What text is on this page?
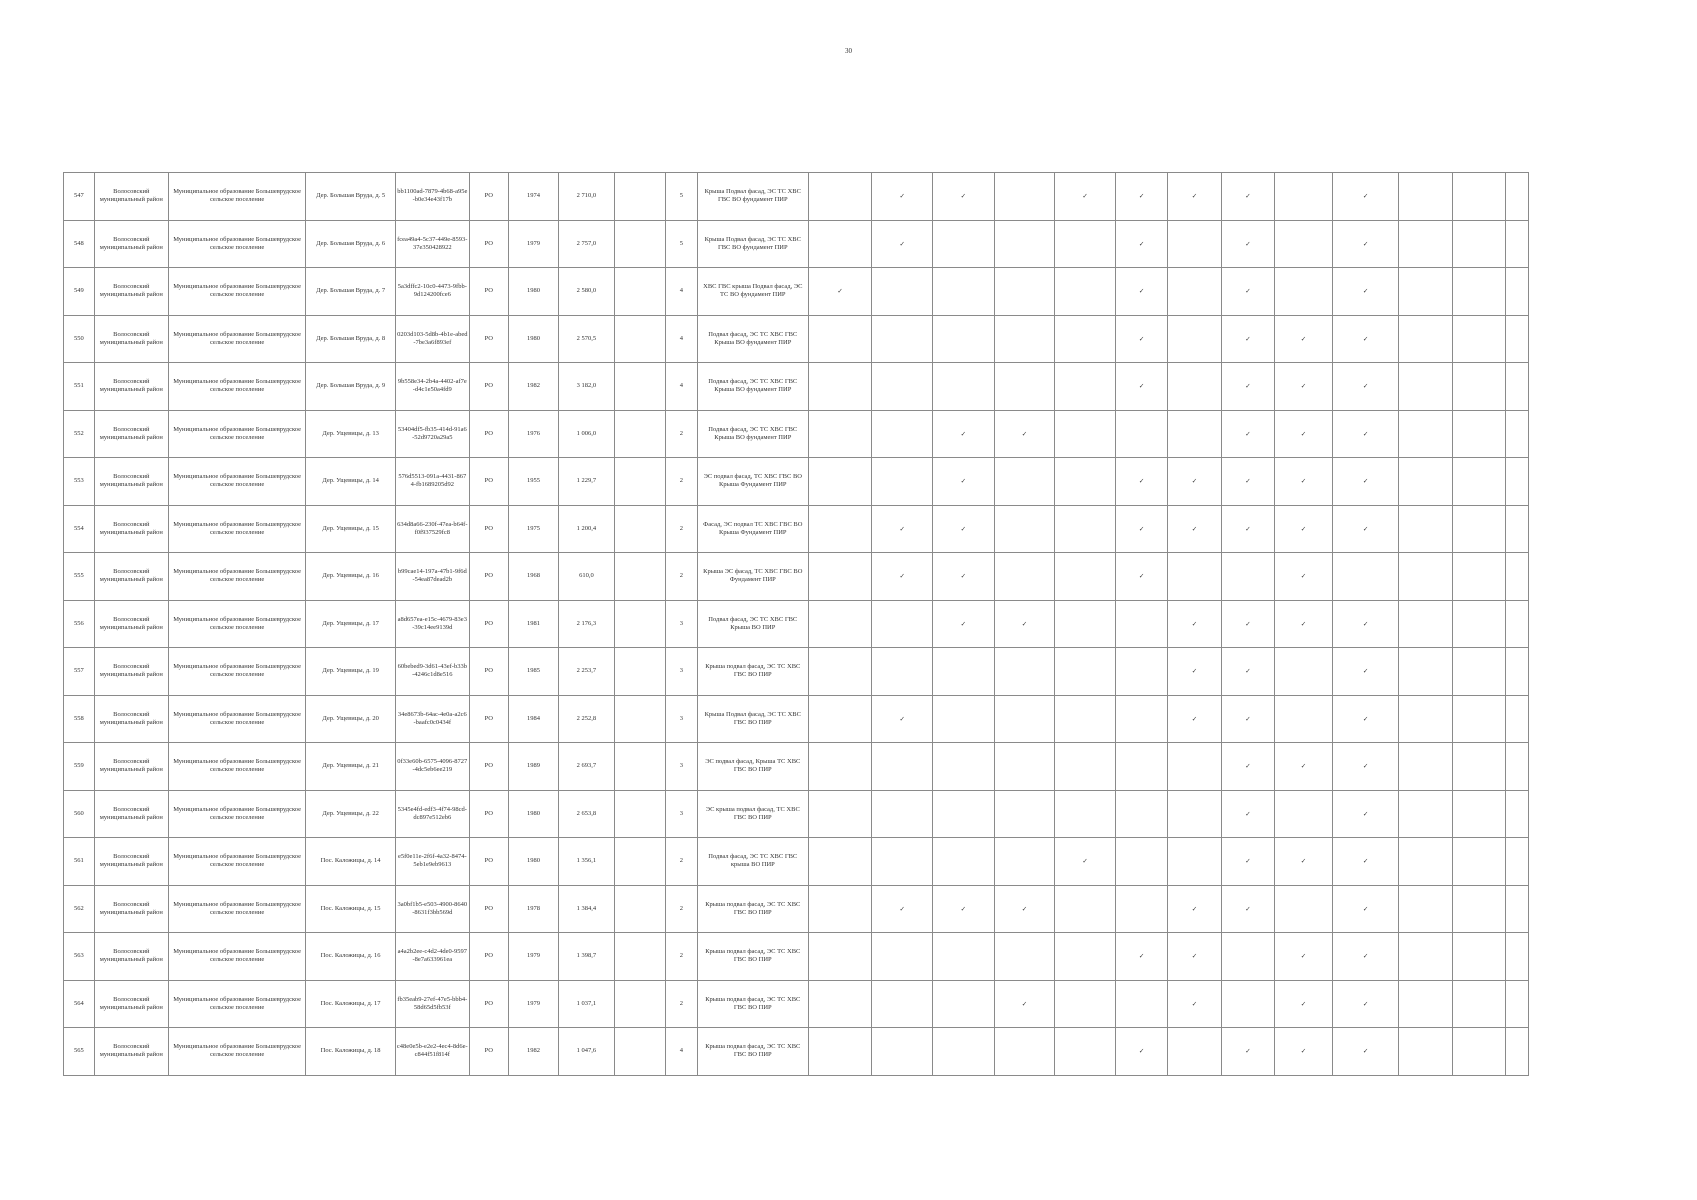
30
547	Волосовский муниципальный район	Муниципальное образование Большеврудское сельское поселение	Дер. Большая Вруда, д. 5	bb1100ad-7879-4b68-a95e-b0e34e43f17b	РО	1974	2 710,0		5	Крыша Подвал фасад, ЭС ТС ХВС ГВС ВО фундамент ПИР		✓	✓		✓	✓	✓	✓		✓			
548	Волосовский муниципальный район	Муниципальное образование Большеврудское сельское поселение	Дер. Большая Вруда, д. 6	fcea49a4-5c37-449e-8593-37e350428922	РО	1979	2 757,0		5	Крыша Подвал фасад, ЭС ТС ХВС ГВС ВО фундамент ПИР		✓				✓		✓		✓			
549	Волосовский муниципальный район	Муниципальное образование Большеврудское сельское поселение	Дер. Большая Вруда, д. 7	5a3dffc2-10c0-4473-9fbb-9d124200fce6	РО	1980	2 580,0		4	ХВС ГВС крыша Подвал фасад, ЭС ТС ВО фундамент ПИР	✓					✓		✓		✓			
550	Волосовский муниципальный район	Муниципальное образование Большеврудское сельское поселение	Дер. Большая Вруда, д. 8	0203d103-5d8b-4b1e-abed-7be3a6f893ef	РО	1980	2 570,5		4	Подвал фасад, ЭС ТС ХВС ГВС Крыша ВО фундамент ПИР						✓		✓	✓	✓			
551	Волосовский муниципальный район	Муниципальное образование Большеврудское сельское поселение	Дер. Большая Вруда, д. 9	9b558e34-2b4a-4402-af7e-d4c1e50a4fd9	РО	1982	3 182,0		4	Подвал фасад, ЭС ТС ХВС ГВС Крыша ВО фундамент ПИР						✓		✓	✓	✓			
552	Волосовский муниципальный район	Муниципальное образование Большеврудское сельское поселение	Дер. Ущевицы, д. 13	53404df5-fb35-414d-91a6-52d9720a29a5	РО	1976	1 006,0		2	Подвал фасад, ЭС ТС ХВС ГВС Крыша ВО фундамент ПИР			✓	✓				✓	✓	✓			
553	Волосовский муниципальный район	Муниципальное образование Большеврудское сельское поселение	Дер. Ущевицы, д. 14	576d5513-091a-4431-8674-fb1689205d92	РО	1955	1 229,7		2	ЭС подвал фасад, ТС ХВС ГВС ВО Крыша Фундамент ПИР			✓			✓	✓	✓	✓	✓			
554	Волосовский муниципальный район	Муниципальное образование Большеврудское сельское поселение	Дер. Ущевицы, д. 15	634d8a66-230f-47ea-b64f-f0f937529fc8	РО	1975	1 200,4		2	Фасад, ЭС подвал ТС ХВС ГВС ВО Крыша Фундамент ПИР		✓	✓			✓	✓	✓	✓	✓			
555	Волосовский муниципальный район	Муниципальное образование Большеврудское сельское поселение	Дер. Ущевицы, д. 16	b99cae14-197a-47b1-9f6d-54ea87dead2b	РО	1968	610,0		2	Крыша ЭС фасад, ТС ХВС ГВС ВО Фундамент ПИР		✓	✓			✓			✓				
556	Волосовский муниципальный район	Муниципальное образование Большеврудское сельское поселение	Дер. Ущевицы, д. 17	a8d657ea-e15c-4679-83e3-39c14ee9139d	РО	1981	2 176,3		3	Подвал фасад, ЭС ТС ХВС ГВС Крыша ВО ПИР			✓	✓			✓	✓	✓	✓			
557	Волосовский муниципальный район	Муниципальное образование Большеврудское сельское поселение	Дер. Ущевицы, д. 19	60bebed9-3d61-43ef-b33b-4246c1d8e516	РО	1985	2 253,7		3	Крыша подвал фасад, ЭС ТС ХВС ГВС ВО ПИР							✓	✓		✓			
558	Волосовский муниципальный район	Муниципальное образование Большеврудское сельское поселение	Дер. Ущевицы, д. 20	34e8673b-64ac-4e0a-a2c6-baafc0c0434f	РО	1984	2 252,8		3	Крыша Подвал фасад, ЭС ТС ХВС ГВС ВО ПИР		✓					✓	✓		✓			
559	Волосовский муниципальный район	Муниципальное образование Большеврудское сельское поселение	Дер. Ущевицы, д. 21	0f33e60b-6575-4096-8727-4dc5eb6ee219	РО	1989	2 693,7		3	ЭС подвал фасад, Крыша ТС ХВС ГВС ВО ПИР								✓	✓	✓			
560	Волосовский муниципальный район	Муниципальное образование Большеврудское сельское поселение	Дер. Ущевицы, д. 22	5345e4fd-edf3-4f74-98cd-dc897e512eb6	РО	1980	2 653,8		3	ЭС крыша подвал фасад, ТС ХВС ГВС ВО ПИР								✓		✓			
561	Волосовский муниципальный район	Муниципальное образование Большеврудское сельское поселение	Пос. Каложицы, д. 14	e5f0e11e-2f6f-4a32-8474-5eb1e9eb9613	РО	1980	1 356,1		2	Подвал фасад, ЭС ТС ХВС ГВС крыша ВО ПИР					✓			✓	✓	✓			
562	Волосовский муниципальный район	Муниципальное образование Большеврудское сельское поселение	Пос. Каложицы, д. 15	3a0bf1b5-e503-4900-8640-8631f3bb569d	РО	1978	1 384,4		2	Крыша подвал фасад, ЭС ТС ХВС ГВС ВО ПИР		✓	✓	✓			✓	✓		✓			
563	Волосовский муниципальный район	Муниципальное образование Большеврудское сельское поселение	Пос. Каложицы, д. 16	a4a2b2ee-c4d2-4de0-9597-8e7a633961ea	РО	1979	1 398,7		2	Крыша подвал фасад, ЭС ТС ХВС ГВС ВО ПИР						✓	✓		✓	✓			
564	Волосовский муниципальный район	Муниципальное образование Большеврудское сельское поселение	Пос. Каложицы, д. 17	fb35eab9-27ef-47e5-bbb4-58d65d5fb53f	РО	1979	1 037,1		2	Крыша подвал фасад, ЭС ТС ХВС ГВС ВО ПИР				✓			✓		✓	✓			
565	Волосовский муниципальный район	Муниципальное образование Большеврудское сельское поселение	Пос. Каложицы, д. 18	c48e0e5b-e2e2-4ec4-8d6e-c844f51f814f	РО	1982	1 047,6		4	Крыша подвал фасад, ЭС ТС ХВС ГВС ВО ПИР						✓		✓	✓	✓			
